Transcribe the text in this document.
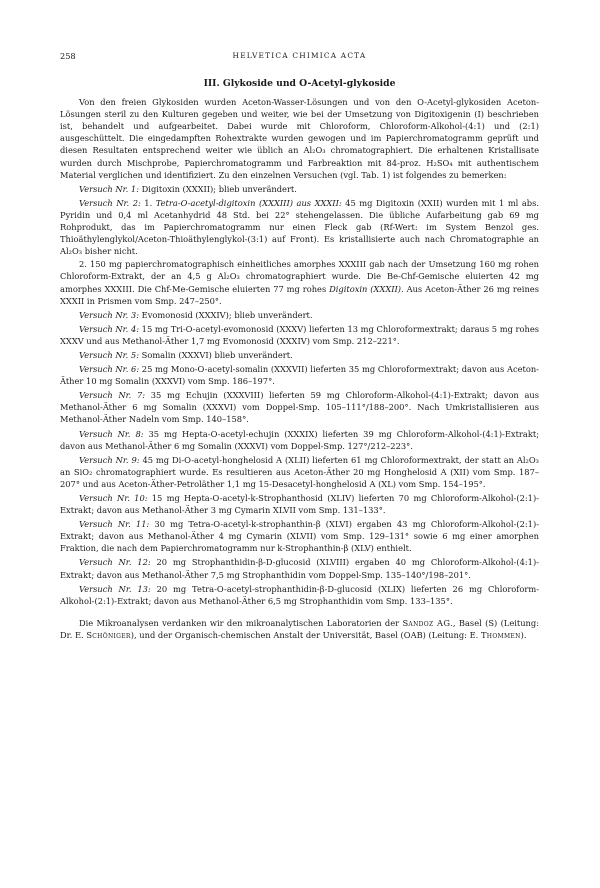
258	HELVETICA CHIMICA ACTA
III. Glykoside und O-Acetyl-glykoside

Von den freien Glykosiden wurden Aceton-Wasser-Lösungen und von den O-Acetyl-glykosiden Aceton-Lösungen steril zu den Kulturen gegeben und weiter, wie bei der Umsetzung von Digitoxigenin (I) beschrieben ist, behandelt und aufgearbeitet. Dabei wurde mit Chloroform, Chloroform-Alkohol-(4:1) und (2:1) ausgeschüttelt. Die eingedampften Rohextrakte wurden gewogen und im Papierchromatogramm geprüft und diesen Resultaten entsprechend weiter wie üblich an Al₂O₃ chromatographiert. Die erhaltenen Kristallisate wurden durch Mischprobe, Papierchromatogramm und Farbreaktion mit 84-proz. H₂SO₄ mit authentischem Material verglichen und identifiziert. Zu den einzelnen Versuchen (vgl. Tab. 1) ist folgendes zu bemerken:

Versuch Nr. 1: Digitoxin (XXXII); blieb unverändert.

Versuch Nr. 2: 1. Tetra-O-acetyl-digitoxin (XXXIII) aus XXXII: 45 mg Digitoxin (XXII) wurden mit 1 ml abs. Pyridin und 0,4 ml Acetanhydrid 48 Std. bei 22° stehengelassen. Die übliche Aufarbeitung gab 69 mg Rohprodukt, das im Papierchromatogramm nur einen Fleck gab (Rf-Wert: im System Benzol ges. Thioäthylenglykol/Aceton-Thioäthylenglykol-(3:1) auf Front). Es kristallisierte auch nach Chromatographie an Al₂O₃ bisher nicht.

2. 150 mg papierchromatographisch einheitliches amorphes XXXIII gab nach der Umsetzung 160 mg rohen Chloroform-Extrakt, der an 4,5 g Al₂O₃ chromatographiert wurde. Die Be-Chf-Gemische eluierten 42 mg amorphes XXXIII. Die Chf-Me-Gemische eluierten 77 mg rohes Digitoxin (XXXII). Aus Aceton-Äther 26 mg reines XXXII in Prismen vom Smp. 247–250°.

Versuch Nr. 3: Evomonosid (XXXIV); blieb unverändert.

Versuch Nr. 4: 15 mg Tri-O-acetyl-evomonosid (XXXV) lieferten 13 mg Chloroformextrakt; daraus 5 mg rohes XXXV und aus Methanol-Äther 1,7 mg Evomonosid (XXXIV) vom Smp. 212–221°.

Versuch Nr. 5: Somalin (XXXVI) blieb unverändert.

Versuch Nr. 6: 25 mg Mono-O-acetyl-somalin (XXXVII) lieferten 35 mg Chloroformextrakt; davon aus Aceton-Äther 10 mg Somalin (XXXVI) vom Smp. 186–197°.

Versuch Nr. 7: 35 mg Echujin (XXXVIII) lieferten 59 mg Chloroform-Alkohol-(4:1)-Extrakt; davon aus Methanol-Äther 6 mg Somalin (XXXVI) vom Doppel-Smp. 105–111°/188–200°. Nach Umkristallisieren aus Methanol-Äther Nadeln vom Smp. 140–158°.

Versuch Nr. 8: 35 mg Hepta-O-acetyl-echujin (XXXIX) lieferten 39 mg Chloroform-Alkohol-(4:1)-Extrakt; davon aus Methanol-Äther 6 mg Somalin (XXXVI) vom Doppel-Smp. 127°/212–223°.

Versuch Nr. 9: 45 mg Di-O-acetyl-honghelosid A (XLII) lieferten 61 mg Chloroformextrakt, der statt an Al₂O₃ an SiO₂ chromatographiert wurde. Es resultieren aus Aceton-Äther 20 mg Honghelosid A (XII) vom Smp. 187–207° und aus Aceton-Äther-Petroläther 1,1 mg 15-Desacetyl-honghelosid A (XL) vom Smp. 154–195°.

Versuch Nr. 10: 15 mg Hepta-O-acetyl-k-Strophanthosid (XLIV) lieferten 70 mg Chloroform-Alkohol-(2:1)-Extrakt; davon aus Methanol-Äther 3 mg Cymarin XLVII vom Smp. 131–133°.

Versuch Nr. 11: 30 mg Tetra-O-acetyl-k-strophanthin-β (XLVI) ergaben 43 mg Chloroform-Alkohol-(2:1)-Extrakt; davon aus Methanol-Äther 4 mg Cymarin (XLVII) vom Smp. 129–131° sowie 6 mg einer amorphen Fraktion, die nach dem Papierchromatogramm nur k-Strophanthin-β (XLV) enthielt.

Versuch Nr. 12: 20 mg Strophanthidin-β-D-glucosid (XLVIII) ergaben 40 mg Chloroform-Alkohol-(4:1)-Extrakt; davon aus Methanol-Äther 7,5 mg Strophanthidin vom Doppel-Smp. 135–140°/198–201°.

Versuch Nr. 13: 20 mg Tetra-O-acetyl-strophanthidin-β-D-glucosid (XLIX) lieferten 26 mg Chloroform-Alkohol-(2:1)-Extrakt; davon aus Methanol-Äther 6,5 mg Strophanthidin vom Smp. 133–135°.

Die Mikroanalysen verdanken wir den mikroanalytischen Laboratorien der Sandoz AG., Basel (S) (Leitung: Dr. E. Schöniger), und der Organisch-chemischen Anstalt der Universität, Basel (OAB) (Leitung: E. Thommen).
